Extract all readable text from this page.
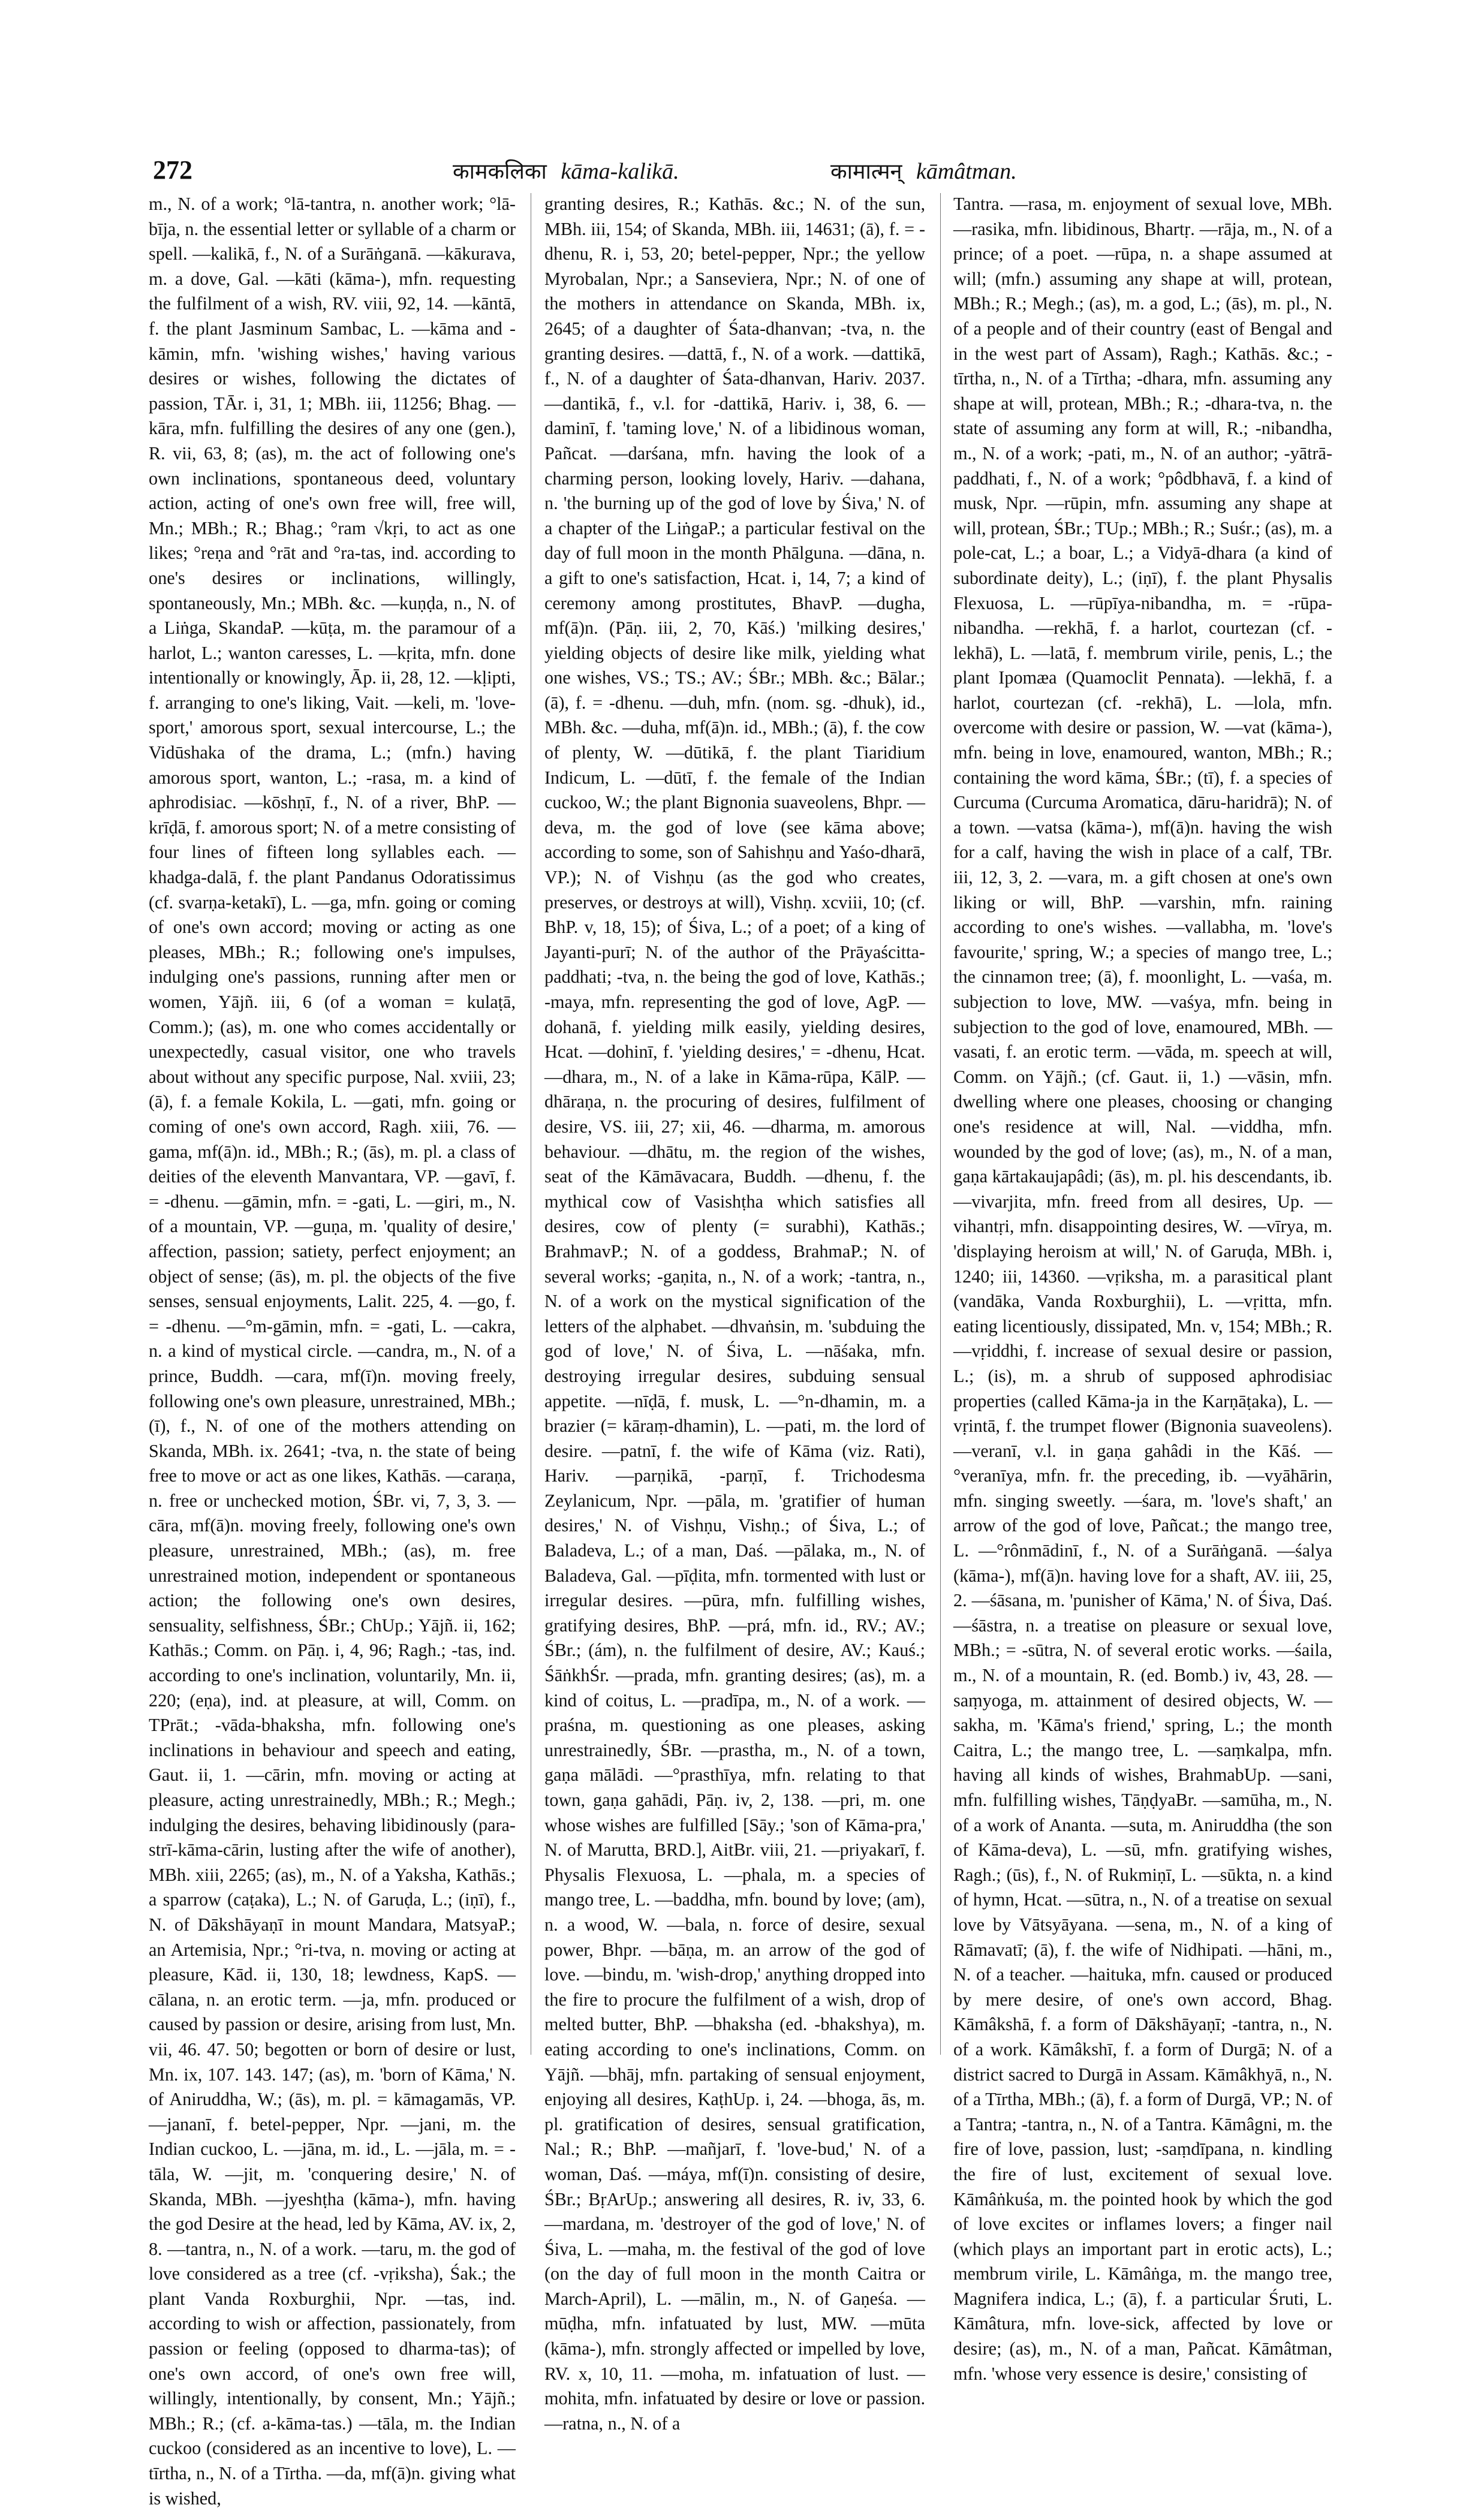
272	कामकलिका kāma-kalikā.	कामात्मन् kāmâtman.

m., N. of a work; °lā-tantra, n. another work; °lā-bīja, n. the essential letter or syllable of a charm or spell. —kalikā, f., N. of a Surāṅganā. —kākurava, m. a dove, Gal. —kāti (kāma-), mfn. requesting the fulfilment of a wish, RV. viii, 92, 14. —kāntā, f. the plant Jasminum Sambac, L. —kāma and -kāmin, mfn. 'wishing wishes,' having various desires or wishes, following the dictates of passion, TĀr. i, 31, 1; MBh. iii, 11256; Bhag. —kāra, mfn. fulfilling the desires of any one (gen.), R. vii, 63, 8; (as), m. the act of following one's own inclinations, spontaneous deed, voluntary action, acting of one's own free will, free will, Mn.; MBh.; R.; Bhag.; °ram √kṛi, to act as one likes; °reṇa and °rāt and °ra-tas, ind. according to one's desires or inclinations, willingly, spontaneously, Mn.; MBh. &c. —kuṇḍa, n., N. of a Liṅga, SkandaP. —kūṭa, m. the paramour of a harlot, L.; wanton caresses, L. —kṛita, mfn. done intentionally or knowingly, Āp. ii, 28, 12. —kḷipti, f. arranging to one's liking, Vait. —keli, m. 'love-sport,' amorous sport, sexual intercourse, L.; the Vidūshaka of the drama, L.; (mfn.) having amorous sport, wanton, L.; -rasa, m. a kind of aphrodisiac. —kōshṇī, f., N. of a river, BhP. —krīḍā, f. amorous sport; N. of a metre consisting of four lines of fifteen long syllables each. —khadga-dalā, f. the plant Pandanus Odoratissimus (cf. svarṇa-ketakī), L. —ga, mfn. going or coming of one's own accord; moving or acting as one pleases, MBh.; R.; following one's impulses, indulging one's passions, running after men or women, Yājñ. iii, 6 (of a woman = kulaṭā, Comm.); (as), m. one who comes accidentally or unexpectedly, casual visitor, one who travels about without any specific purpose, Nal. xviii, 23; (ā), f. a female Kokila, L. —gati, mfn. going or coming of one's own accord, Ragh. xiii, 76. —gama, mf(ā)n. id., MBh.; R.; (ās), m. pl. a class of deities of the eleventh Manvantara, VP. —gavī, f. = -dhenu. —gāmin, mfn. = -gati, L. —giri, m., N. of a mountain, VP. —guṇa, m. 'quality of desire,' affection, passion; satiety, perfect enjoyment; an object of sense; (ās), m. pl. the objects of the five senses, sensual enjoyments, Lalit. 225, 4. —go, f. = -dhenu. —°m-gāmin, mfn. = -gati, L. —cakra, n. a kind of mystical circle. —candra, m., N. of a prince, Buddh. —cara, mf(ī)n. moving freely, following one's own pleasure, unrestrained, MBh.; (ī), f., N. of one of the mothers attending on Skanda, MBh. ix. 2641; -tva, n. the state of being free to move or act as one likes, Kathās. —caraṇa, n. free or unchecked motion, ŚBr. vi, 7, 3, 3. —cāra, mf(ā)n. moving freely, following one's own pleasure, unrestrained, MBh.; (as), m. free unrestrained motion, independent or spontaneous action; the following one's own desires, sensuality, selfishness, ŚBr.; ChUp.; Yājñ. ii, 162; Kathās.; Comm. on Pāṇ. i, 4, 96; Ragh.; -tas, ind. according to one's inclination, voluntarily, Mn. ii, 220; (eṇa), ind. at pleasure, at will, Comm. on TPrāt.; -vāda-bhaksha, mfn. following one's inclinations in behaviour and speech and eating, Gaut. ii, 1. —cārin, mfn. moving or acting at pleasure, acting unrestrainedly, MBh.; R.; Megh.; indulging the desires, behaving libidinously (para-strī-kāma-cārin, lusting after the wife of another), MBh. xiii, 2265; (as), m., N. of a Yaksha, Kathās.; a sparrow (caṭaka), L.; N. of Garuḍa, L.; (iṇī), f., N. of Dākshāyaṇī in mount Mandara, MatsyaP.; an Artemisia, Npr.; °ri-tva, n. moving or acting at pleasure, Kād. ii, 130, 18; lewdness, KapS. —cālana, n. an erotic term. —ja, mfn. produced or caused by passion or desire, arising from lust, Mn. vii, 46. 47. 50; begotten or born of desire or lust, Mn. ix, 107. 143. 147; (as), m. 'born of Kāma,' N. of Aniruddha, W.; (ās), m. pl. = kāmagamās, VP. —jananī, f. betel-pepper, Npr. —jani, m. the Indian cuckoo, L. —jāna, m. id., L. —jāla, m. = -tāla, W. —jit, m. 'conquering desire,' N. of Skanda, MBh. —jyeshṭha (kāma-), mfn. having the god Desire at the head, led by Kāma, AV. ix, 2, 8. —tantra, n., N. of a work. —taru, m. the god of love considered as a tree (cf. -vṛiksha), Śak.; the plant Vanda Roxburghii, Npr. —tas, ind. according to wish or affection, passionately, from passion or feeling (opposed to dharma-tas); of one's own accord, of one's own free will, willingly, intentionally, by consent, Mn.; Yājñ.; MBh.; R.; (cf. a-kāma-tas.) —tāla, m. the Indian cuckoo (considered as an incentive to love), L. —tīrtha, n., N. of a Tīrtha. —da, mf(ā)n. giving what is wished,

granting desires, R.; Kathās. &c.; N. of the sun, MBh. iii, 154; of Skanda, MBh. iii, 14631; (ā), f. = -dhenu, R. i, 53, 20; betel-pepper, Npr.; the yellow Myrobalan, Npr.; a Sanseviera, Npr.; N. of one of the mothers in attendance on Skanda, MBh. ix, 2645; of a daughter of Śata-dhanvan; -tva, n. the granting desires. —dattā, f., N. of a work. —dattikā, f., N. of a daughter of Śata-dhanvan, Hariv. 2037. —dantikā, f., v.l. for -dattikā, Hariv. i, 38, 6. —daminī, f. 'taming love,' N. of a libidinous woman, Pañcat. —darśana, mfn. having the look of a charming person, looking lovely, Hariv. —dahana, n. 'the burning up of the god of love by Śiva,' N. of a chapter of the LiṅgaP.; a particular festival on the day of full moon in the month Phālguna. —dāna, n. a gift to one's satisfaction, Hcat. i, 14, 7; a kind of ceremony among prostitutes, BhavP. —dugha, mf(ā)n. (Pāṇ. iii, 2, 70, Kāś.) 'milking desires,' yielding objects of desire like milk, yielding what one wishes, VS.; TS.; AV.; ŚBr.; MBh. &c.; Bālar.; (ā), f. = -dhenu. —duh, mfn. (nom. sg. -dhuk), id., MBh. &c. —duha, mf(ā)n. id., MBh.; (ā), f. the cow of plenty, W. —dūtikā, f. the plant Tiaridium Indicum, L. —dūtī, f. the female of the Indian cuckoo, W.; the plant Bignonia suaveolens, Bhpr. —deva, m. the god of love (see kāma above; according to some, son of Sahishṇu and Yaśo-dharā, VP.); N. of Vishṇu (as the god who creates, preserves, or destroys at will), Vishṇ. xcviii, 10; (cf. BhP. v, 18, 15); of Śiva, L.; of a poet; of a king of Jayanti-purī; N. of the author of the Prāyaścitta-paddhati; -tva, n. the being the god of love, Kathās.; -maya, mfn. representing the god of love, AgP. —dohanā, f. yielding milk easily, yielding desires, Hcat. —dohinī, f. 'yielding desires,' = -dhenu, Hcat. —dhara, m., N. of a lake in Kāma-rūpa, KālP. —dhāraṇa, n. the procuring of desires, fulfilment of desire, VS. iii, 27; xii, 46. —dharma, m. amorous behaviour. —dhātu, m. the region of the wishes, seat of the Kāmāvacara, Buddh. —dhenu, f. the mythical cow of Vasishṭha which satisfies all desires, cow of plenty (= surabhi), Kathās.; BrahmavP.; N. of a goddess, BrahmaP.; N. of several works; -gaṇita, n., N. of a work; -tantra, n., N. of a work on the mystical signification of the letters of the alphabet. —dhvaṅsin, m. 'subduing the god of love,' N. of Śiva, L. —nāśaka, mfn. destroying irregular desires, subduing sensual appetite. —nīḍā, f. musk, L. —°n-dhamin, m. a brazier (= kāraṃ-dhamin), L. —pati, m. the lord of desire. —patnī, f. the wife of Kāma (viz. Rati), Hariv. —parṇikā, -parṇī, f. Trichodesma Zeylanicum, Npr. —pāla, m. 'gratifier of human desires,' N. of Vishṇu, Vishṇ.; of Śiva, L.; of Baladeva, L.; of a man, Daś. —pālaka, m., N. of Baladeva, Gal. —pīḍita, mfn. tormented with lust or irregular desires. —pūra, mfn. fulfilling wishes, gratifying desires, BhP. —prá, mfn. id., RV.; AV.; ŚBr.; (ám), n. the fulfilment of desire, AV.; Kauś.; ŚāṅkhŚr. —prada, mfn. granting desires; (as), m. a kind of coitus, L. —pradīpa, m., N. of a work. —praśna, m. questioning as one pleases, asking unrestrainedly, ŚBr. —prastha, m., N. of a town, gaṇa mālādi. —°prasthīya, mfn. relating to that town, gaṇa gahādi, Pāṇ. iv, 2, 138. —pri, m. one whose wishes are fulfilled [Sāy.; 'son of Kāma-pra,' N. of Marutta, BRD.], AitBr. viii, 21. —priyakarī, f. Physalis Flexuosa, L. —phala, m. a species of mango tree, L. —baddha, mfn. bound by love; (am), n. a wood, W. —bala, n. force of desire, sexual power, Bhpr. —bāṇa, m. an arrow of the god of love. —bindu, m. 'wish-drop,' anything dropped into the fire to procure the fulfilment of a wish, drop of melted butter, BhP. —bhaksha (ed. -bhakshya), m. eating according to one's inclinations, Comm. on Yājñ. —bhāj, mfn. partaking of sensual enjoyment, enjoying all desires, KaṭhUp. i, 24. —bhoga, ās, m. pl. gratification of desires, sensual gratification, Nal.; R.; BhP. —mañjarī, f. 'love-bud,' N. of a woman, Daś. —máya, mf(ī)n. consisting of desire, ŚBr.; BṛArUp.; answering all desires, R. iv, 33, 6. —mardana, m. 'destroyer of the god of love,' N. of Śiva, L. —maha, m. the festival of the god of love (on the day of full moon in the month Caitra or March-April), L. —mālin, m., N. of Gaṇeśa. —mūḍha, mfn. infatuated by lust, MW. —mūta (kāma-), mfn. strongly affected or impelled by love, RV. x, 10, 11. —moha, m. infatuation of lust. —mohita, mfn. infatuated by desire or love or passion. —ratna, n., N. of a

Tantra. —rasa, m. enjoyment of sexual love, MBh. —rasika, mfn. libidinous, Bhartṛ. —rāja, m., N. of a prince; of a poet. —rūpa, n. a shape assumed at will; (mfn.) assuming any shape at will, protean, MBh.; R.; Megh.; (as), m. a god, L.; (ās), m. pl., N. of a people and of their country (east of Bengal and in the west part of Assam), Ragh.; Kathās. &c.; -tīrtha, n., N. of a Tīrtha; -dhara, mfn. assuming any shape at will, protean, MBh.; R.; -dhara-tva, n. the state of assuming any form at will, R.; -nibandha, m., N. of a work; -pati, m., N. of an author; -yātrā-paddhati, f., N. of a work; °pôdbhavā, f. a kind of musk, Npr. —rūpin, mfn. assuming any shape at will, protean, ŚBr.; TUp.; MBh.; R.; Suśr.; (as), m. a pole-cat, L.; a boar, L.; a Vidyā-dhara (a kind of subordinate deity), L.; (iṇī), f. the plant Physalis Flexuosa, L. —rūpīya-nibandha, m. = -rūpa-nibandha. —rekhā, f. a harlot, courtezan (cf. -lekhā), L. —latā, f. membrum virile, penis, L.; the plant Ipomæa (Quamoclit Pennata). —lekhā, f. a harlot, courtezan (cf. -rekhā), L. —lola, mfn. overcome with desire or passion, W. —vat (kāma-), mfn. being in love, enamoured, wanton, MBh.; R.; containing the word kāma, ŚBr.; (tī), f. a species of Curcuma (Curcuma Aromatica, dāru-haridrā); N. of a town. —vatsa (kāma-), mf(ā)n. having the wish for a calf, having the wish in place of a calf, TBr. iii, 12, 3, 2. —vara, m. a gift chosen at one's own liking or will, BhP. —varshin, mfn. raining according to one's wishes. —vallabha, m. 'love's favourite,' spring, W.; a species of mango tree, L.; the cinnamon tree; (ā), f. moonlight, L. —vaśa, m. subjection to love, MW. —vaśya, mfn. being in subjection to the god of love, enamoured, MBh. —vasati, f. an erotic term. —vāda, m. speech at will, Comm. on Yājñ.; (cf. Gaut. ii, 1.) —vāsin, mfn. dwelling where one pleases, choosing or changing one's residence at will, Nal. —viddha, mfn. wounded by the god of love; (as), m., N. of a man, gaṇa kārtakaujapâdi; (ās), m. pl. his descendants, ib. —vivarjita, mfn. freed from all desires, Up. —vihantṛi, mfn. disappointing desires, W. —vīrya, m. 'displaying heroism at will,' N. of Garuḍa, MBh. i, 1240; iii, 14360. —vṛiksha, m. a parasitical plant (vandāka, Vanda Roxburghii), L. —vṛitta, mfn. eating licentiously, dissipated, Mn. v, 154; MBh.; R. —vṛiddhi, f. increase of sexual desire or passion, L.; (is), m. a shrub of supposed aphrodisiac properties (called Kāma-ja in the Karṇāṭaka), L. —vṛintā, f. the trumpet flower (Bignonia suaveolens). —veranī, v.l. in gaṇa gahâdi in the Kāś. —°veranīya, mfn. fr. the preceding, ib. —vyāhārin, mfn. singing sweetly. —śara, m. 'love's shaft,' an arrow of the god of love, Pañcat.; the mango tree, L. —°rônmādinī, f., N. of a Surāṅganā. —śalya (kāma-), mf(ā)n. having love for a shaft, AV. iii, 25, 2. —śāsana, m. 'punisher of Kāma,' N. of Śiva, Daś. —śāstra, n. a treatise on pleasure or sexual love, MBh.; = -sūtra, N. of several erotic works. —śaila, m., N. of a mountain, R. (ed. Bomb.) iv, 43, 28. —saṃyoga, m. attainment of desired objects, W. —sakha, m. 'Kāma's friend,' spring, L.; the month Caitra, L.; the mango tree, L. —saṃkalpa, mfn. having all kinds of wishes, BrahmabUp. —sani, mfn. fulfilling wishes, TāṇḍyaBr. —samūha, m., N. of a work of Ananta. —suta, m. Aniruddha (the son of Kāma-deva), L. —sū, mfn. gratifying wishes, Ragh.; (ūs), f., N. of Rukmiṇī, L. —sūkta, n. a kind of hymn, Hcat. —sūtra, n., N. of a treatise on sexual love by Vātsyāyana. —sena, m., N. of a king of Rāmavatī; (ā), f. the wife of Nidhipati. —hāni, m., N. of a teacher. —haituka, mfn. caused or produced by mere desire, of one's own accord, Bhag. Kāmâkshā, f. a form of Dākshāyaṇī; -tantra, n., N. of a work. Kāmâkshī, f. a form of Durgā; N. of a district sacred to Durgā in Assam. Kāmâkhyā, n., N. of a Tīrtha, MBh.; (ā), f. a form of Durgā, VP.; N. of a Tantra; -tantra, n., N. of a Tantra. Kāmâgni, m. the fire of love, passion, lust; -saṃdīpana, n. kindling the fire of lust, excitement of sexual love. Kāmâṅkuśa, m. the pointed hook by which the god of love excites or inflames lovers; a finger nail (which plays an important part in erotic acts), L.; membrum virile, L. Kāmâṅga, m. the mango tree, Magnifera indica, L.; (ā), f. a particular Śruti, L. Kāmâtura, mfn. love-sick, affected by love or desire; (as), m., N. of a man, Pañcat. Kāmâtman, mfn. 'whose very essence is desire,' consisting of
